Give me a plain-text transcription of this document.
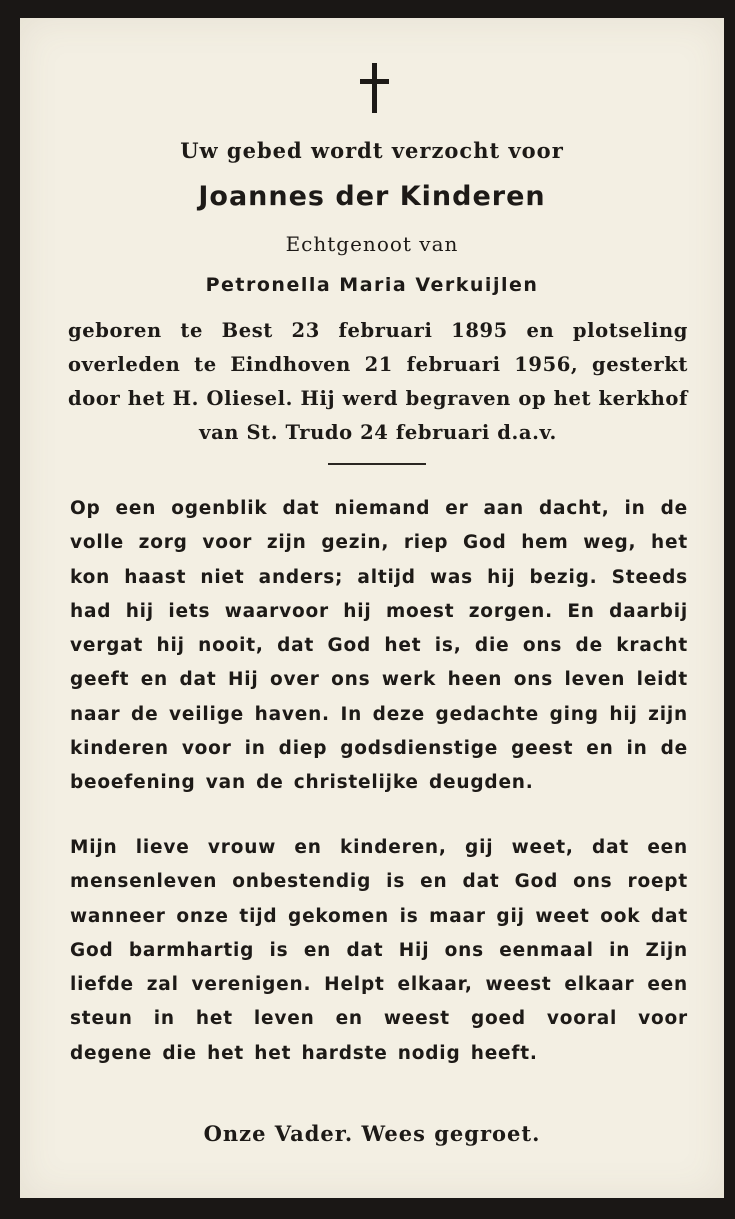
Uw gebed wordt verzocht voor
Joannes der Kinderen
Echtgenoot van
Petronella Maria Verkuijlen
geboren te Best 23 februari 1895 en plotseling overleden te Eindhoven 21 februari 1956, gesterkt door het H. Oliesel. Hij werd begraven op het kerkhof van St. Trudo 24 februari d.a.v.
Op een ogenblik dat niemand er aan dacht, in de volle zorg voor zijn gezin, riep God hem weg, het kon haast niet anders; altijd was hij bezig. Steeds had hij iets waarvoor hij moest zorgen. En daarbij vergat hij nooit, dat God het is, die ons de kracht geeft en dat Hij over ons werk heen ons leven leidt naar de veilige haven. In deze gedachte ging hij zijn kinderen voor in diep godsdienstige geest en in de beoefening van de christelijke deugden.
Mijn lieve vrouw en kinderen, gij weet, dat een mensenleven onbestendig is en dat God ons roept wanneer onze tijd gekomen is maar gij weet ook dat God barmhartig is en dat Hij ons eenmaal in Zijn liefde zal verenigen. Helpt elkaar, weest elkaar een steun in het leven en weest goed vooral voor degene die het het hardste nodig heeft.
Onze Vader. Wees gegroet.
